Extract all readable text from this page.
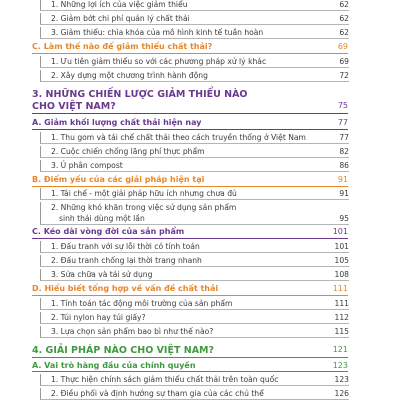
1. Những lợi ích của việc giảm thiểu	62
2. Giảm bớt chi phí quản lý chất thải	62
3. Giảm thiểu: chìa khóa của mô hình kinh tế tuần hoàn	62
C. Làm thế nào để giảm thiểu chất thải?	69
1. Ưu tiên giảm thiểu so với các phương pháp xử lý khác	69
2. Xây dựng một chương trình hành động	72
3. NHỮNG CHIẾN LƯỢC GIẢM THIỂU NÀO
CHO VIỆT NAM?	75
A. Giảm khối lượng chất thải hiện nay	77
1. Thu gom và tái chế chất thải theo cách truyền thống ở Việt Nam	77
2. Cuộc chiến chống lãng phí thực phẩm	82
3. Ủ phân compost	86
B. Điểm yếu của các giải pháp hiện tại	91
1. Tái chế - một giải pháp hữu ích nhưng chưa đủ	91
2. Những khó khăn trong việc sử dụng sản phẩm
sinh thái dùng một lần	95
C. Kéo dài vòng đời của sản phẩm	101
1. Đấu tranh với sự lỗi thời có tính toán	101
2. Đấu tranh chống lại thời trang nhanh	105
3. Sửa chữa và tái sử dụng	108
D. Hiểu biết tổng hợp về vấn đề chất thải	111
1. Tính toán tác động môi trường của sản phẩm	111
2. Túi nylon hay túi giấy?	112
3. Lựa chọn sản phẩm bao bì như thế nào?	115
4. GIẢI PHÁP NÀO CHO VIỆT NAM?	121
A. Vai trò hàng đầu của chính quyền	123
1. Thực hiện chính sách giảm thiểu chất thải trên toàn quốc	123
2. Điều phối và định hướng sự tham gia của các chủ thể	126
